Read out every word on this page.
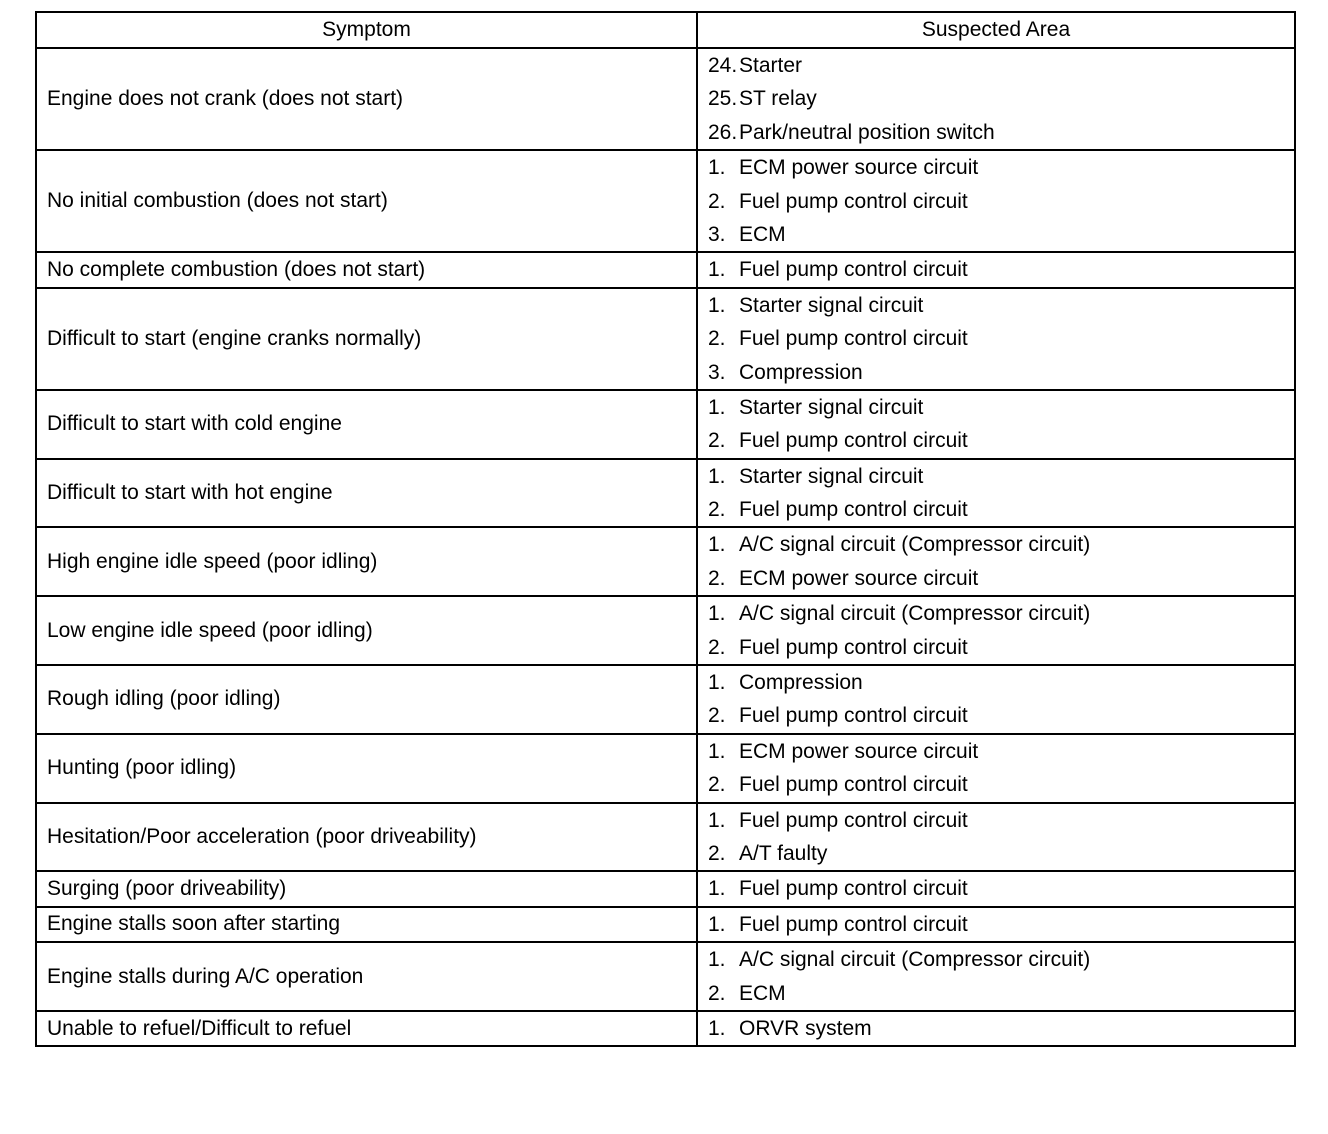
Symptom	Suspected Area
Engine does not crank (does not start)	24.Starter
25.ST relay
26.Park/neutral position switch

No initial combustion (does not start)	1. ECM power source circuit
2. Fuel pump control circuit
3. ECM

No complete combustion (does not start)	1. Fuel pump control circuit

Difficult to start (engine cranks normally)	1. Starter signal circuit
2. Fuel pump control circuit
3. Compression

Difficult to start with cold engine	1. Starter signal circuit
2. Fuel pump control circuit

Difficult to start with hot engine	1. Starter signal circuit
2. Fuel pump control circuit

High engine idle speed (poor idling)	1. A/C signal circuit (Compressor circuit)
2. ECM power source circuit

Low engine idle speed (poor idling)	1. A/C signal circuit (Compressor circuit)
2. Fuel pump control circuit

Rough idling (poor idling)	1. Compression
2. Fuel pump control circuit

Hunting (poor idling)	1. ECM power source circuit
2. Fuel pump control circuit

Hesitation/Poor acceleration (poor driveability)	1. Fuel pump control circuit
2. A/T faulty

Surging (poor driveability)	1. Fuel pump control circuit

Engine stalls soon after starting	1. Fuel pump control circuit

Engine stalls during A/C operation	1. A/C signal circuit (Compressor circuit)
2. ECM

Unable to refuel/Difficult to refuel	1. ORVR system
